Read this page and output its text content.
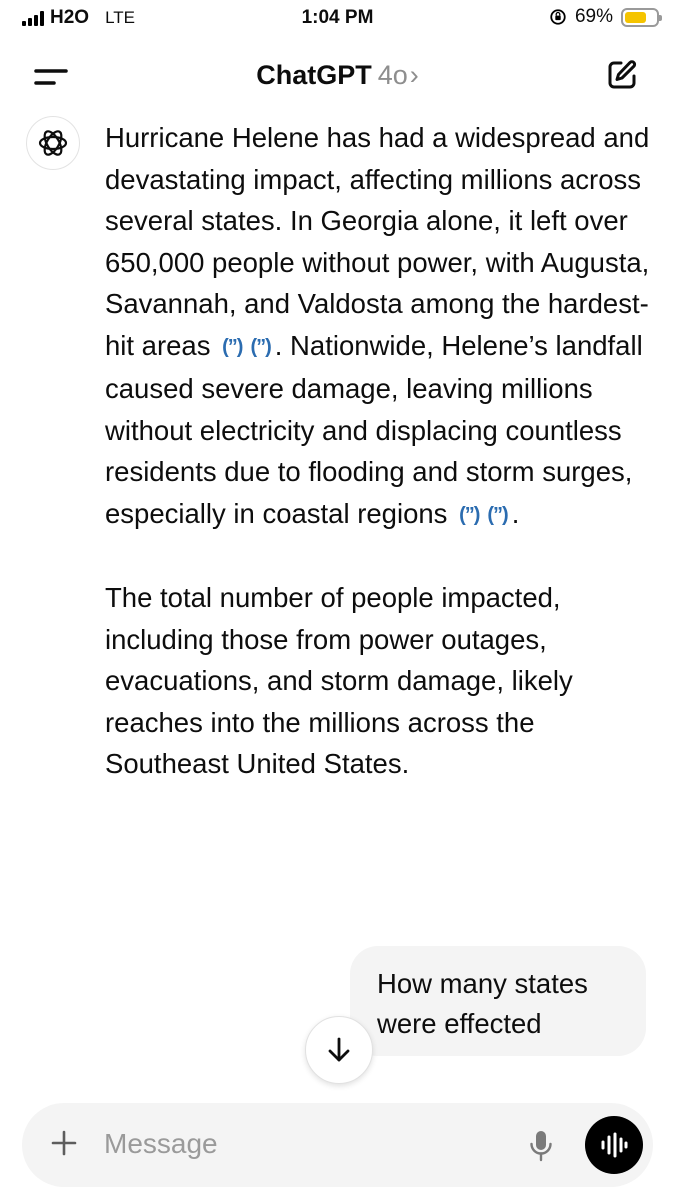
H2O LTE	1:04 PM	69%
ChatGPT 4o›

Hurricane Helene has had a widespread and devastating impact, affecting millions across several states. In Georgia alone, it left over 650,000 people without power, with Augusta, Savannah, and Valdosta among the hardest-hit areas (”) (”) . Nationwide, Helene’s landfall caused severe damage, leaving millions without electricity and displacing countless residents due to flooding and storm surges, especially in coastal regions (”) (”) .

The total number of people impacted, including those from power outages, evacuations, and storm damage, likely reaches into the millions across the Southeast United States.

How many states were effected
Message
